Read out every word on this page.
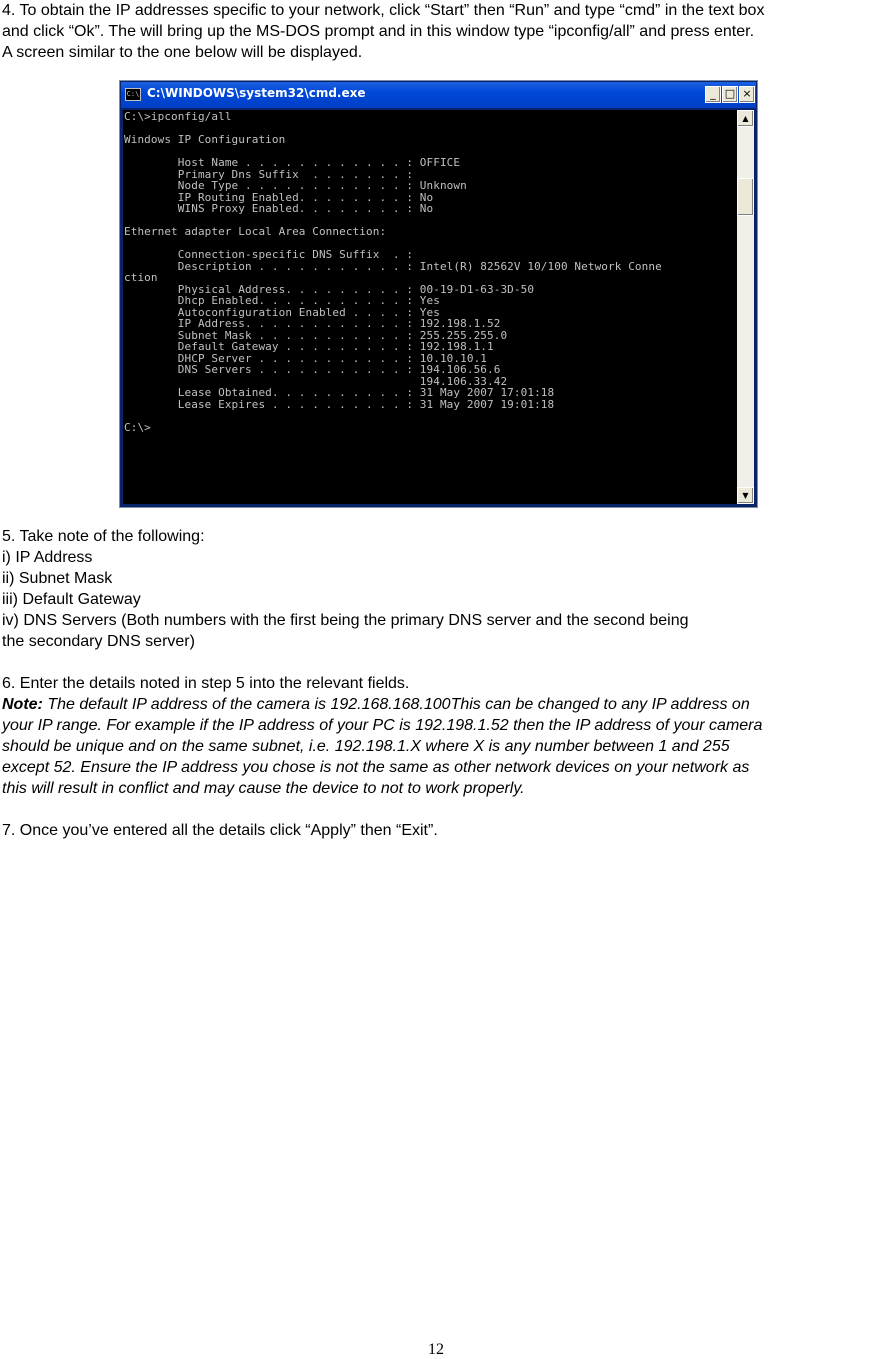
4. To obtain the IP addresses specific to your network, click “Start” then “Run” and type “cmd” in the text box
and click “Ok”. The will bring up the MS-DOS prompt and in this window type “ipconfig/all” and press enter.
A screen similar to the one below will be displayed.
C:\ C:\WINDOWS\system32\cmd.exe	_ □ ×
C:\>ipconfig/all

Windows IP Configuration

Host Name . . . . . . . . . . . . : OFFICE
Primary Dns Suffix  . . . . . . . :
Node Type . . . . . . . . . . . . : Unknown
IP Routing Enabled. . . . . . . . : No
WINS Proxy Enabled. . . . . . . . : No

Ethernet adapter Local Area Connection:

Connection-specific DNS Suffix  . :
Description . . . . . . . . . . . : Intel(R) 82562V 10/100 Network Conne
ction
Physical Address. . . . . . . . . : 00-19-D1-63-3D-50
Dhcp Enabled. . . . . . . . . . . : Yes
Autoconfiguration Enabled . . . . : Yes
IP Address. . . . . . . . . . . . : 192.198.1.52
Subnet Mask . . . . . . . . . . . : 255.255.255.0
Default Gateway . . . . . . . . . : 192.198.1.1
DHCP Server . . . . . . . . . . . : 10.10.10.1
DNS Servers . . . . . . . . . . . : 194.106.56.6
194.106.33.42
Lease Obtained. . . . . . . . . . : 31 May 2007 17:01:18
Lease Expires . . . . . . . . . . : 31 May 2007 19:01:18

C:\>
▲
▼
5. Take note of the following:
i) IP Address
ii) Subnet Mask
iii) Default Gateway
iv) DNS Servers (Both numbers with the first being the primary DNS server and the second being
the secondary DNS server)
6. Enter the details noted in step 5 into the relevant fields.
Note: The default IP address of the camera is 192.168.168.100This can be changed to any IP address on
your IP range. For example if the IP address of your PC is 192.198.1.52 then the IP address of your camera
should be unique and on the same subnet, i.e. 192.198.1.X where X is any number between 1 and 255
except 52. Ensure the IP address you chose is not the same as other network devices on your network as
this will result in conflict and may cause the device to not to work properly.
7. Once you’ve entered all the details click “Apply” then “Exit”.
12
